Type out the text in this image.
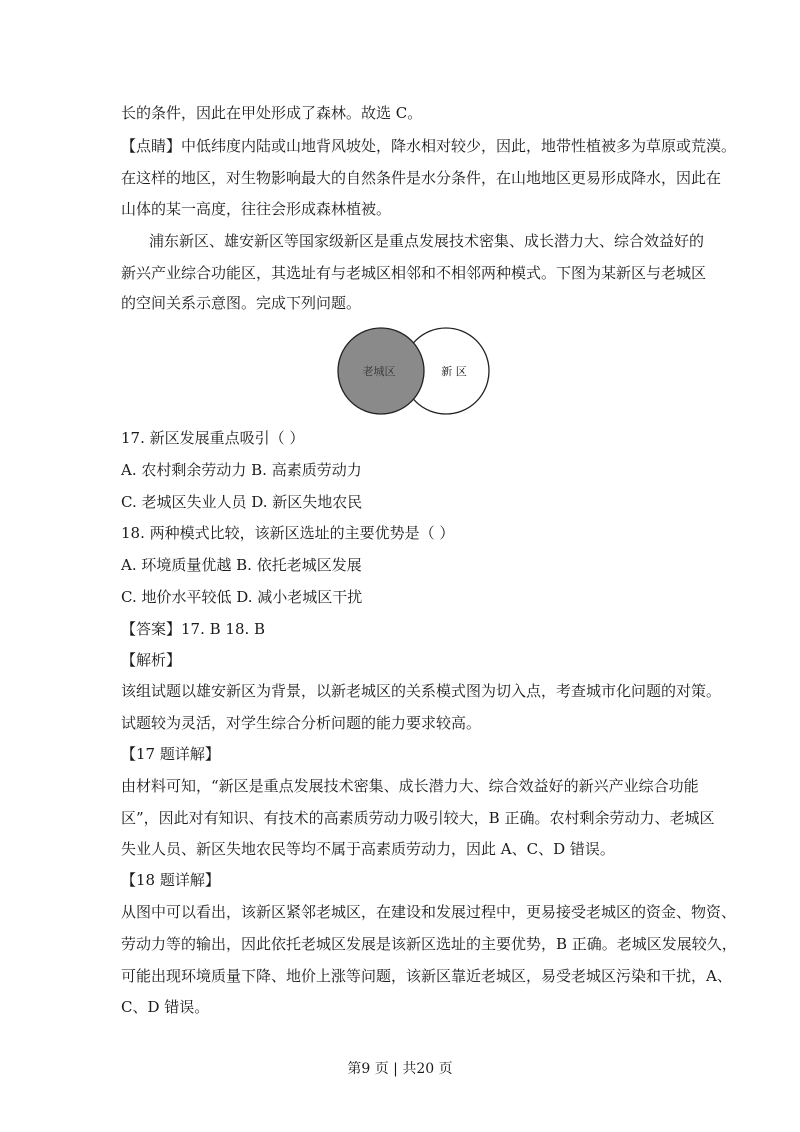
长的条件，因此在甲处形成了森林。故选 C。
【点睛】中低纬度内陆或山地背风坡处，降水相对较少，因此，地带性植被多为草原或荒漠。
在这样的地区，对生物影响最大的自然条件是水分条件，在山地地区更易形成降水，因此在
山体的某一高度，往往会形成森林植被。
浦东新区、雄安新区等国家级新区是重点发展技术密集、成长潜力大、综合效益好的
新兴产业综合功能区，其选址有与老城区相邻和不相邻两种模式。下图为某新区与老城区
的空间关系示意图。完成下列问题。
老城区	新 区
17. 新区发展重点吸引（ ）
A. 农村剩余劳动力 B. 高素质劳动力
C. 老城区失业人员 D. 新区失地农民
18. 两种模式比较，该新区选址的主要优势是（ ）
A. 环境质量优越 B. 依托老城区发展
C. 地价水平较低 D. 减小老城区干扰
【答案】17. B 18. B
【解析】
该组试题以雄安新区为背景，以新老城区的关系模式图为切入点，考查城市化问题的对策。
试题较为灵活，对学生综合分析问题的能力要求较高。
【17 题详解】
由材料可知，“新区是重点发展技术密集、成长潜力大、综合效益好的新兴产业综合功能
区”，因此对有知识、有技术的高素质劳动力吸引较大，B 正确。农村剩余劳动力、老城区
失业人员、新区失地农民等均不属于高素质劳动力，因此 A、C、D 错误。
【18 题详解】
从图中可以看出，该新区紧邻老城区，在建设和发展过程中，更易接受老城区的资金、物资、
劳动力等的输出，因此依托老城区发展是该新区选址的主要优势，B 正确。老城区发展较久，
可能出现环境质量下降、地价上涨等问题，该新区靠近老城区，易受老城区污染和干扰，A、
C、D 错误。
第9 页 | 共20 页
